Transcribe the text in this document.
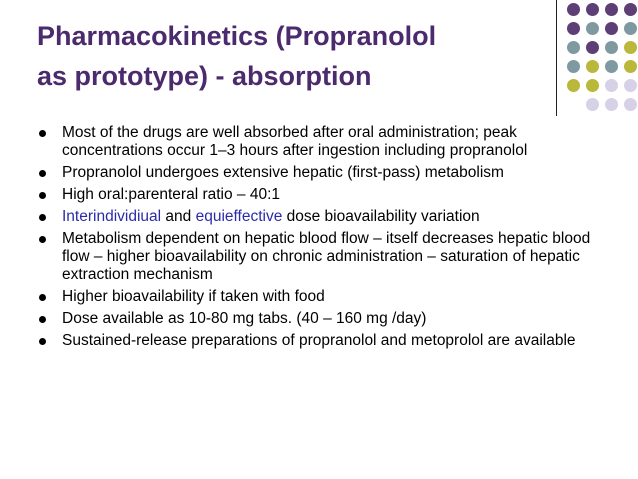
Pharmacokinetics (Propranolol
as prototype) - absorption
Most of the drugs are well absorbed after oral administration; peak concentrations occur 1–3 hours after ingestion including propranolol
Propranolol undergoes extensive hepatic (first-pass) metabolism
High oral:parenteral ratio – 40:1
Interindividiual and equieffective dose bioavailability variation
Metabolism dependent on hepatic blood flow – itself decreases hepatic blood flow – higher bioavailability on chronic administration – saturation of hepatic extraction mechanism
Higher bioavailability if taken with food
Dose available as 10-80 mg tabs. (40 – 160 mg /day)
Sustained-release preparations of propranolol and metoprolol are available
